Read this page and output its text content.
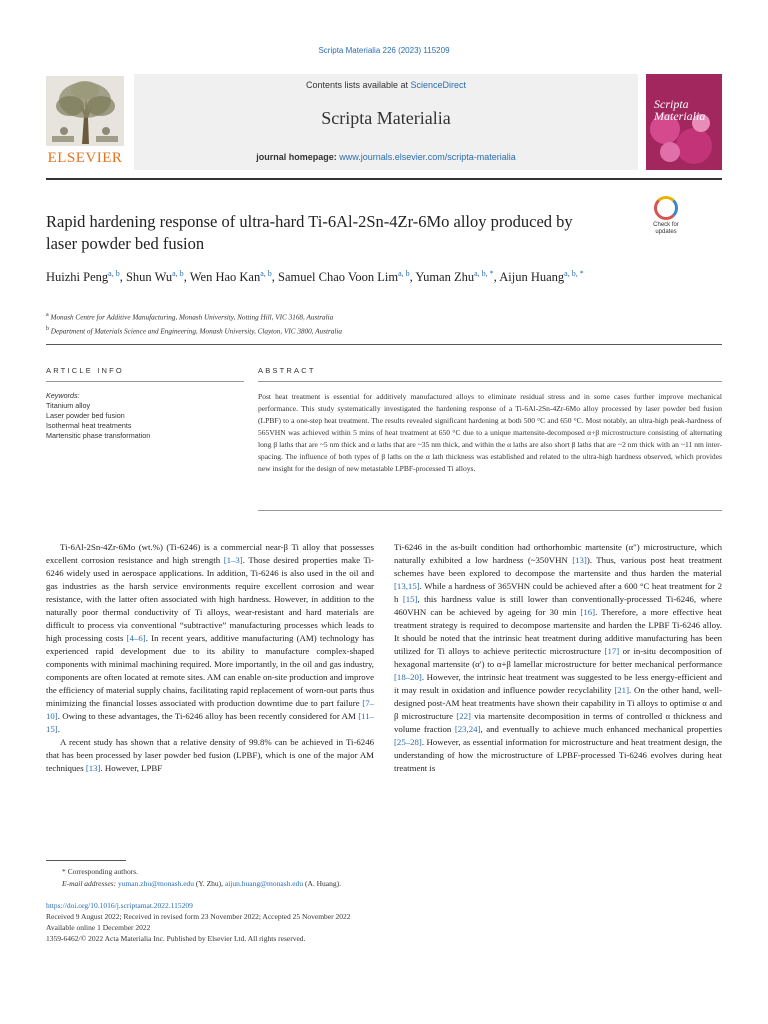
Scripta Materialia 226 (2023) 115209
ELSEVIER
Contents lists available at ScienceDirect
Scripta Materialia
journal homepage: www.journals.elsevier.com/scripta-materialia
Scripta Materialia
Rapid hardening response of ultra-hard Ti-6Al-2Sn-4Zr-6Mo alloy produced by laser powder bed fusion
Check for updates
Huizhi Peng$^{a, b}$, Shun Wu$^{a, b}$, Wen Hao Kan$^{a, b}$, Samuel Chao Voon Lim$^{a, b}$, Yuman Zhu$^{a, b, *}$, Aijun Huang$^{a, b, *}$
$^a$ Monash Centre for Additive Manufacturing, Monash University, Notting Hill, VIC 3168, Australia
$^b$ Department of Materials Science and Engineering, Monash University, Clayton, VIC 3800, Australia
ARTICLE INFO	ABSTRACT
Keywords:
Titanium alloy
Laser powder bed fusion
Isothermal heat treatments
Martensitic phase transformation
Post heat treatment is essential for additively manufactured alloys to eliminate residual stress and in some cases further improve mechanical performance. This study systematically investigated the hardening response of a Ti-6Al-2Sn-4Zr-6Mo alloy processed by laser powder bed fusion (LPBF) to a one-step heat treatment. The results revealed significant hardening at both 500 °C and 650 °C. Most notably, an ultra-high peak-hardness of 565VHN was achieved within 5 mins of heat treatment at 650 °C due to a unique martensite-decomposed α+β microstructure consisting of alternating long β laths that are ~5 nm thick and α laths that are ~35 nm thick, and within the α laths are also short β laths that are ~2 nm thick with an ~11 nm inter-spacing. The influence of both types of β laths on the α lath thickness was established and related to the ultra-high hardness observed, which provides new insight for the design of new metastable LPBF-processed Ti alloys.

Ti-6Al-2Sn-4Zr-6Mo (wt.%) (Ti-6246) is a commercial near-β Ti alloy that possesses excellent corrosion resistance and high strength [1–3]. Those desired properties make Ti-6246 widely used in aerospace applications. In addition, Ti-6246 is also used in the oil and gas industries as the harsh service environments require excellent corrosion and wear resistance, with the latter often associated with high hardness. However, in addition to the naturally poor thermal conductivity of Ti alloys, wear-resistant and hard materials are difficult to process via conventional “subtractive” manufacturing processes which leads to high processing costs [4–6]. In recent years, additive manufacturing (AM) technology has experienced rapid development due to its ability to manufacture complex-shaped components with minimal machining required. More importantly, in the oil and gas industry, components are often located at remote sites. AM can enable on-site production and improve the efficiency of material supply chains, facilitating rapid replacement of worn-out parts thus minimizing the financial losses associated with production downtime due to part failure [7–10]. Owing to these advantages, the Ti-6246 alloy has been recently considered for AM [11–15].

A recent study has shown that a relative density of 99.8% can be achieved in Ti-6246 that has been processed by laser powder bed fusion (LPBF), which is one of the major AM techniques [13]. However, LPBF

Ti-6246 in the as-built condition had orthorhombic martensite (α″) microstructure, which naturally exhibited a low hardness (~350VHN [13]). Thus, various post heat treatment schemes have been explored to decompose the martensite and thus harden the material [13,15]. While a hardness of 365VHN could be achieved after a 600 °C heat treatment for 2 h [15], this hardness value is still lower than conventionally-processed Ti-6246, where 460VHN can be achieved by ageing for 30 min [16]. Therefore, a more effective heat treatment strategy is required to decompose martensite and harden the LPBF Ti-6246 alloy. It should be noted that the intrinsic heat treatment during additive manufacturing has been utilized for Ti alloys to achieve peritectic microstructure [17] or in-situ decomposition of hexagonal martensite (α′) to α+β lamellar microstructure for better mechanical performance [18–20]. However, the intrinsic heat treatment was suggested to be less energy-efficient and it may result in oxidation and influence powder recyclability [21]. On the other hand, well-designed post-AM heat treatments have shown their capability in Ti alloys to optimise α and β microstructure [22] via martensite decomposition in terms of controlled α thickness and volume fraction [23,24], and eventually to achieve much enhanced mechanical properties [25–28]. However, as essential information for microstructure and heat treatment design, the understanding of how the microstructure of LPBF-processed Ti-6246 evolves during heat treatment is

* Corresponding authors.
E-mail addresses: yuman.zhu@monash.edu (Y. Zhu), aijun.huang@monash.edu (A. Huang).
https://doi.org/10.1016/j.scriptamat.2022.115209
Received 9 August 2022; Received in revised form 23 November 2022; Accepted 25 November 2022
Available online 1 December 2022
1359-6462/© 2022 Acta Materialia Inc. Published by Elsevier Ltd. All rights reserved.
